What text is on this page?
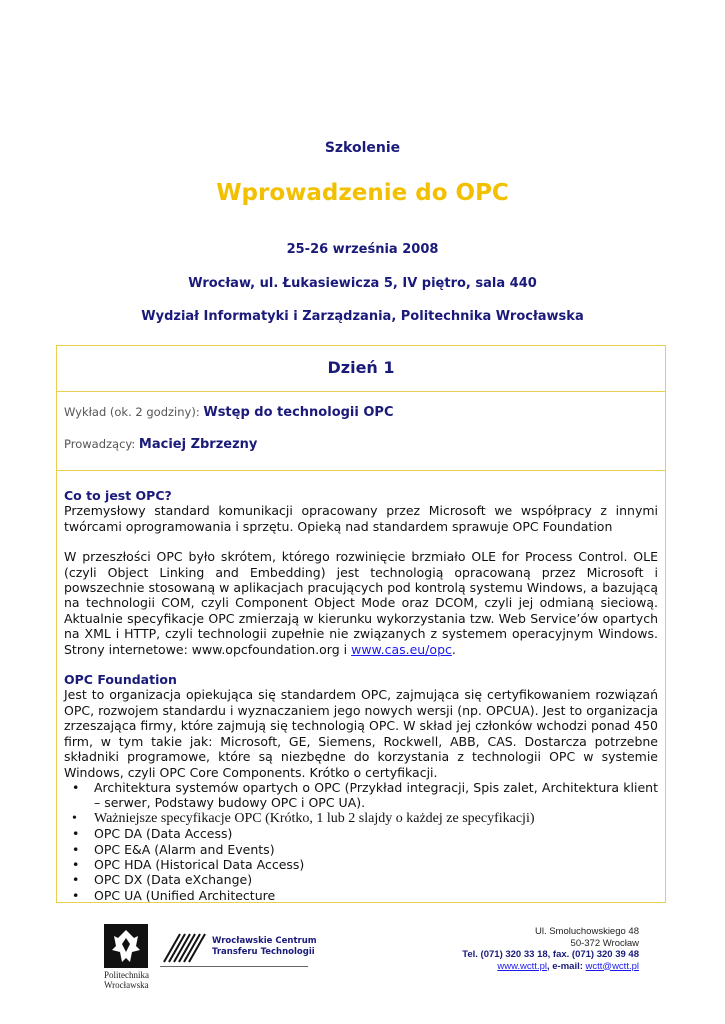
Szkolenie
Wprowadzenie do OPC
25-26 września 2008
Wrocław, ul. Łukasiewicza 5, IV piętro, sala 440
Wydział Informatyki i Zarządzania, Politechnika Wrocławska
Dzień 1
Wykład (ok. 2 godziny): Wstęp do technologii OPC
Prowadzący: Maciej Zbrzezny

Co to jest OPC?

Przemysłowy standard komunikacji opracowany przez Microsoft we współpracy z innymi twórcami oprogramowania i sprzętu. Opieką nad standardem sprawuje OPC Foundation

W przeszłości OPC było skrótem, którego rozwinięcie brzmiało OLE for Process Control. OLE (czyli Object Linking and Embedding) jest technologią opracowaną przez Microsoft i powszechnie stosowaną w aplikacjach pracujących pod kontrolą systemu Windows, a bazującą na technologii COM, czyli Component Object Mode oraz DCOM, czyli jej odmianą sieciową. Aktualnie specyfikacje OPC zmierzają w kierunku wykorzystania tzw. Web Service’ów opartych na XML i HTTP, czyli technologii zupełnie nie związanych z systemem operacyjnym Windows. Strony internetowe: www.opcfoundation.org i www.cas.eu/opc.

OPC Foundation

Jest to organizacja opiekująca się standardem OPC, zajmująca się certyfikowaniem rozwiązań OPC, rozwojem standardu i wyznaczaniem jego nowych wersji (np. OPCUA). Jest to organizacja zrzeszająca firmy, które zajmują się technologią OPC. W skład jej członków wchodzi ponad 450 firm, w tym takie jak: Microsoft, GE, Siemens, Rockwell, ABB, CAS. Dostarcza potrzebne składniki programowe, które są niezbędne do korzystania z technologii OPC w systemie Windows, czyli OPC Core Components. Krótko o certyfikacji.

• Architektura systemów opartych o OPC (Przykład integracji, Spis zalet, Architektura klient – serwer, Podstawy budowy OPC i OPC UA).
• Ważniejsze specyfikacje OPC (Krótko, 1 lub 2 slajdy o każdej ze specyfikacji)
• OPC DA (Data Access)
• OPC E&A (Alarm and Events)
• OPC HDA (Historical Data Access)
• OPC DX (Data eXchange)
• OPC UA (Unified Architecture
Politechnika
Wrocławska
Wrocławskie Centrum
Transferu Technologii
Ul. Smoluchowskiego 48
50-372 Wrocław
Tel. (071) 320 33 18, fax. (071) 320 39 48
www.wctt.pl, e-mail: wctt@wctt.pl
